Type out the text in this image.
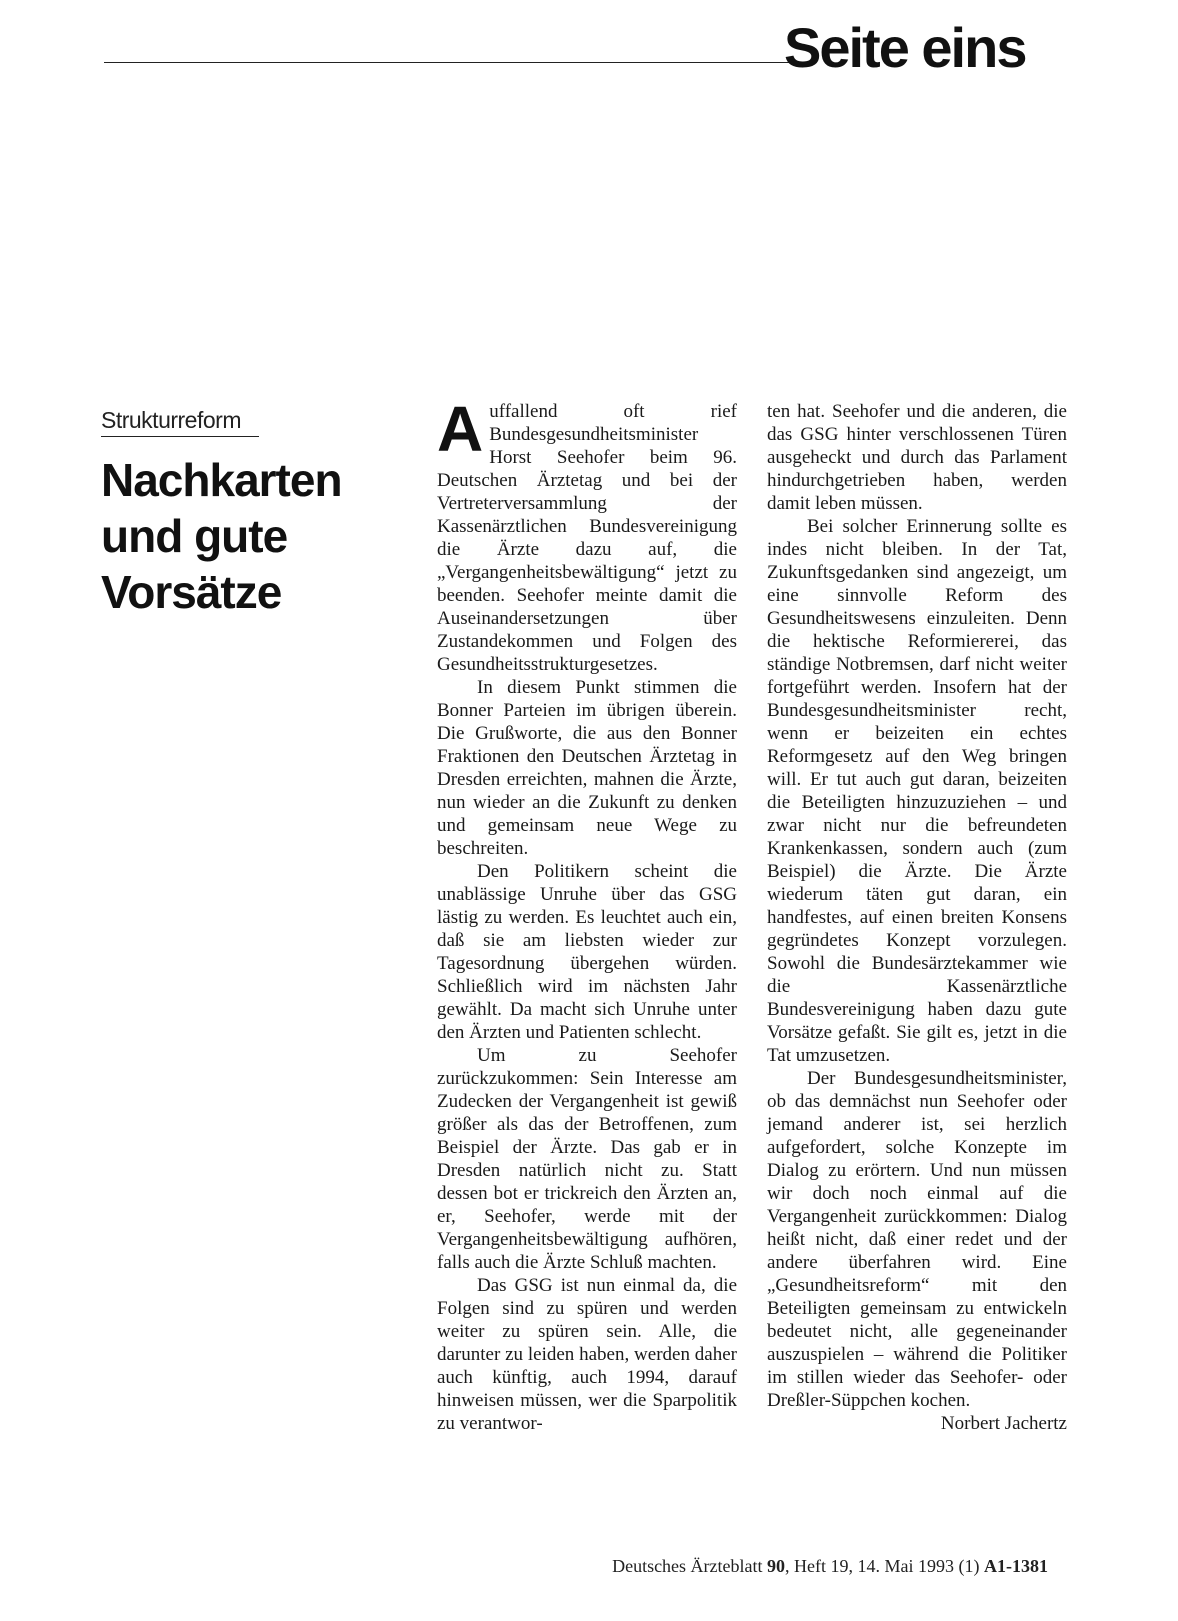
Seite eins
Strukturreform
Nachkarten
und gute
Vorsätze

Auffallend oft rief Bundesgesundheitsminister Horst Seehofer beim 96. Deutschen Ärztetag und bei der Vertreterversammlung der Kassenärztlichen Bundesvereinigung die Ärzte dazu auf, die „Vergangenheitsbewältigung“ jetzt zu beenden. Seehofer meinte damit die Auseinandersetzungen über Zustandekommen und Folgen des Gesundheitsstrukturgesetzes.

In diesem Punkt stimmen die Bonner Parteien im übrigen überein. Die Grußworte, die aus den Bonner Fraktionen den Deutschen Ärztetag in Dresden erreichten, mahnen die Ärzte, nun wieder an die Zukunft zu denken und gemeinsam neue Wege zu beschreiten.

Den Politikern scheint die unablässige Unruhe über das GSG lästig zu werden. Es leuchtet auch ein, daß sie am liebsten wieder zur Tagesordnung übergehen würden. Schließlich wird im nächsten Jahr gewählt. Da macht sich Unruhe unter den Ärzten und Patienten schlecht.

Um zu Seehofer zurückzukommen: Sein Interesse am Zudecken der Vergangenheit ist gewiß größer als das der Betroffenen, zum Beispiel der Ärzte. Das gab er in Dresden natürlich nicht zu. Statt dessen bot er trickreich den Ärzten an, er, Seehofer, werde mit der Vergangenheitsbewältigung aufhören, falls auch die Ärzte Schluß machten.

Das GSG ist nun einmal da, die Folgen sind zu spüren und werden weiter zu spüren sein. Alle, die darunter zu leiden haben, werden daher auch künftig, auch 1994, darauf hinweisen müssen, wer die Sparpolitik zu verantwor-

ten hat. Seehofer und die anderen, die das GSG hinter verschlossenen Türen ausgeheckt und durch das Parlament hindurchgetrieben haben, werden damit leben müssen.

Bei solcher Erinnerung sollte es indes nicht bleiben. In der Tat, Zukunftsgedanken sind angezeigt, um eine sinnvolle Reform des Gesundheitswesens einzuleiten. Denn die hektische Reformiererei, das ständige Notbremsen, darf nicht weiter fortgeführt werden. Insofern hat der Bundesgesundheitsminister recht, wenn er beizeiten ein echtes Reformgesetz auf den Weg bringen will. Er tut auch gut daran, beizeiten die Beteiligten hinzuzuziehen – und zwar nicht nur die befreundeten Krankenkassen, sondern auch (zum Beispiel) die Ärzte. Die Ärzte wiederum täten gut daran, ein handfestes, auf einen breiten Konsens gegründetes Konzept vorzulegen. Sowohl die Bundesärztekammer wie die Kassenärztliche Bundesvereinigung haben dazu gute Vorsätze gefaßt. Sie gilt es, jetzt in die Tat umzusetzen.

Der Bundesgesundheitsminister, ob das demnächst nun Seehofer oder jemand anderer ist, sei herzlich aufgefordert, solche Konzepte im Dialog zu erörtern. Und nun müssen wir doch noch einmal auf die Vergangenheit zurückkommen: Dialog heißt nicht, daß einer redet und der andere überfahren wird. Eine „Gesundheitsreform“ mit den Beteiligten gemeinsam zu entwickeln bedeutet nicht, alle gegeneinander auszuspielen – während die Politiker im stillen wieder das Seehofer- oder Dreßler-Süppchen kochen.

Norbert Jachertz
Deutsches Ärzteblatt 90, Heft 19, 14. Mai 1993 (1) A1-1381
